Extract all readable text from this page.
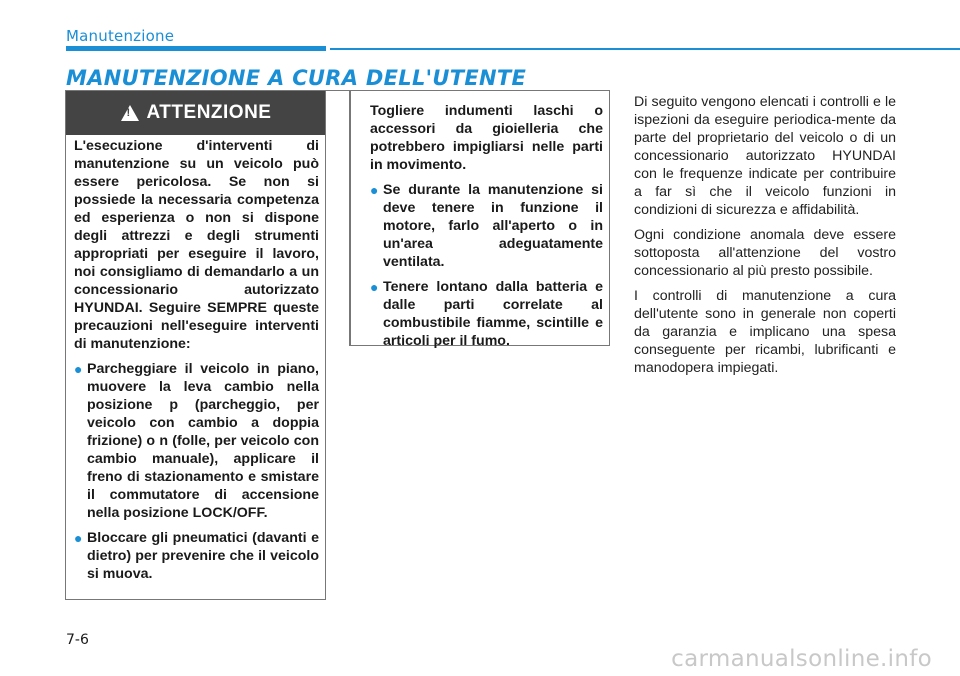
Manutenzione
MANUTENZIONE A CURA DELL'UTENTE
!
ATTENZIONE

L'esecuzione d'interventi di manutenzione su un veicolo può essere pericolosa. Se non si possiede la necessaria competenza ed esperienza o non si dispone degli attrezzi e degli strumenti appropriati per eseguire il lavoro, noi consigliamo di demandarlo a un concessionario autorizzato HYUNDAI. Seguire SEMPRE queste precauzioni nell'eseguire interventi di manutenzione:

● Parcheggiare il veicolo in piano, muovere la leva cambio nella posizione p (parcheggio, per veicolo con cambio a doppia frizione) o n (folle, per veicolo con cambio manuale), applicare il freno di stazionamento e smistare il commutatore di accensione nella posizione LOCK/OFF.
● Bloccare gli pneumatici (davanti e dietro) per prevenire che il veicolo si muova.

Togliere indumenti laschi o accessori da gioielleria che potrebbero impigliarsi nelle parti in movimento.

● Se durante la manutenzione si deve tenere in funzione il motore, farlo all'aperto o in un'area adeguatamente ventilata.
● Tenere lontano dalla batteria e dalle parti correlate al combustibile fiamme, scintille e articoli per il fumo.

Di seguito vengono elencati i controlli e le ispezioni da eseguire periodica-mente da parte del proprietario del veicolo o di un concessionario autorizzato HYUNDAI con le frequenze indicate per contribuire a far sì che il veicolo funzioni in condizioni di sicurezza e affidabilità.

Ogni condizione anomala deve essere sottoposta all'attenzione del vostro concessionario al più presto possibile.

I controlli di manutenzione a cura dell'utente sono in generale non coperti da garanzia e implicano una spesa conseguente per ricambi, lubrificanti e manodopera impiegati.

7-6
carmanualsonline.info
